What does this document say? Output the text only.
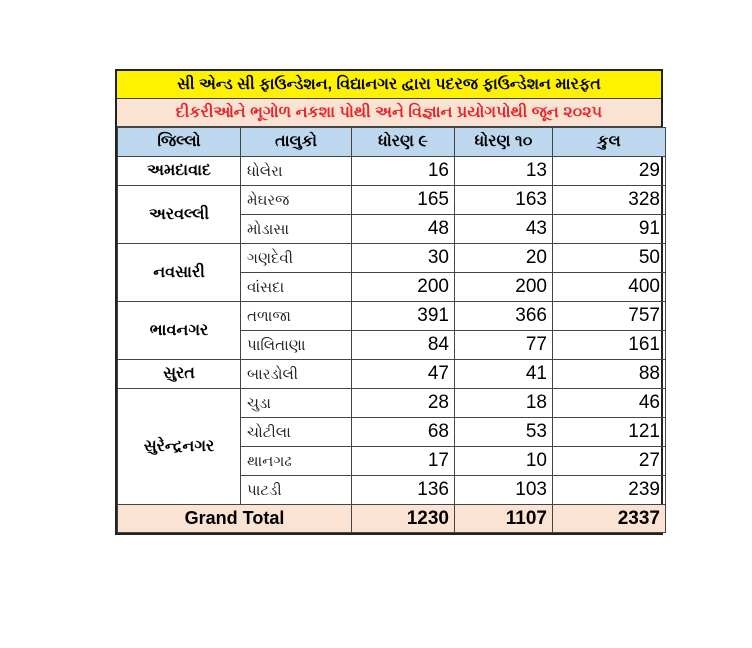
સી એન્ડ સી ફાઉન્ડેશન, વિદ્યાનગર દ્વારા પદરજ ફાઉન્ડેશન મારફત
દીકરીઓને ભૂગોળ નકશા પોથી અને વિજ્ઞાન પ્રયોગપોથી જૂન ૨૦૨૫
જિલ્લો	તાલુકો	ધોરણ ૯	ધોરણ ૧૦	કુલ
અમદાવાદ	ધોલેરા	16	13	29
અરવલ્લી	મેઘરજ	165	163	328
	મોડાસા	48	43	91
નવસારી	ગણદેવી	30	20	50
	વાંસદા	200	200	400
ભાવનગર	તળાજા	391	366	757
	પાલિતાણા	84	77	161
સુરત	બારડોલી	47	41	88
સુરેન્દ્રનગર	ચુડા	28	18	46
	ચોટીલા	68	53	121
	થાનગઢ	17	10	27
	પાટડી	136	103	239
Grand Total		1230	1107	2337
